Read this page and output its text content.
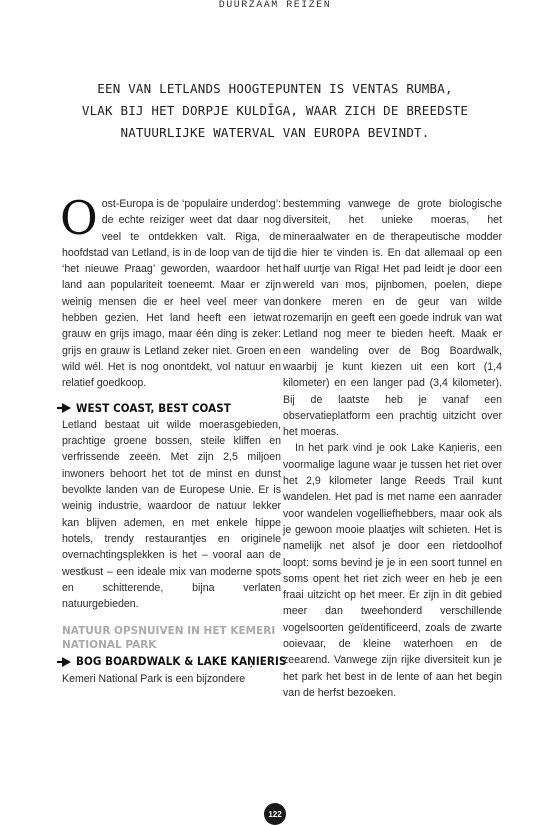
DUURZAAM REIZEN
EEN VAN LETLANDS HOOGTEPUNTEN IS VENTAS RUMBA,
VLAK BIJ HET DORPJE KULDĪGA, WAAR ZICH DE BREEDSTE
NATUURLIJKE WATERVAL VAN EUROPA BEVINDT.

Oost-Europa is de ‘populaire underdog’: de echte reiziger weet dat daar nog veel te ontdekken valt. Riga, de hoofdstad van Letland, is in de loop van de tijd ‘het nieuwe Praag’ geworden, waardoor het land aan populariteit toeneemt. Maar er zijn weinig mensen die er heel veel meer van hebben gezien. Het land heeft een ietwat grauw en grijs imago, maar één ding is zeker: grijs en grauw is Letland zeker niet. Groen en wild wél. Het is nog onontdekt, vol natuur en relatief goedkoop.

WEST COAST, BEST COAST

Letland bestaat uit wilde moerasgebieden, prachtige groene bossen, steile kliffen en verfrissende zeeën. Met zijn 2,5 miljoen inwoners behoort het tot de minst en dunst bevolkte landen van de Europese Unie. Er is weinig industrie, waardoor de natuur lekker kan blijven ademen, en met enkele hippe hotels, trendy restaurantjes en originele overnachtingsplekken is het – vooral aan de westkust – een ideale mix van moderne spots en schitterende, bijna verlaten natuurgebieden.

NATUUR OPSNUIVEN IN HET KEMERI NATIONAL PARK
BOG BOARDWALK & LAKE KAŅIERIS

Kemeri National Park is een bijzondere

bestemming vanwege de grote biologische diversiteit, het unieke moeras, het mineraalwater en de therapeutische modder die hier te vinden is. En dat allemaal op een half uurtje van Riga! Het pad leidt je door een wereld van mos, pijnbomen, poelen, diepe donkere meren en de geur van wilde rozemarijn en geeft een goede indruk van wat Letland nog meer te bieden heeft. Maak er een wandeling over de Bog Boardwalk, waarbij je kunt kiezen uit een kort (1,4 kilometer) en een langer pad (3,4 kilometer). Bij de laatste heb je vanaf een observatieplatform een prachtig uitzicht over het moeras.

In het park vind je ook Lake Kaņieris, een voormalige lagune waar je tussen het riet over het 2,9 kilometer lange Reeds Trail kunt wandelen. Het pad is met name een aanrader voor wandelen vogelliefhebbers, maar ook als je gewoon mooie plaatjes wilt schieten. Het is namelijk net alsof je door een rietdoolhof loopt: soms bevind je je in een soort tunnel en soms opent het riet zich weer en heb je een fraai uitzicht op het meer. Er zijn in dit gebied meer dan tweehonderd verschillende vogelsoorten geïdentificeerd, zoals de zwarte ooievaar, de kleine waterhoen en de zeearend. Vanwege zijn rijke diversiteit kun je het park het best in de lente of aan het begin van de herfst bezoeken.

122
